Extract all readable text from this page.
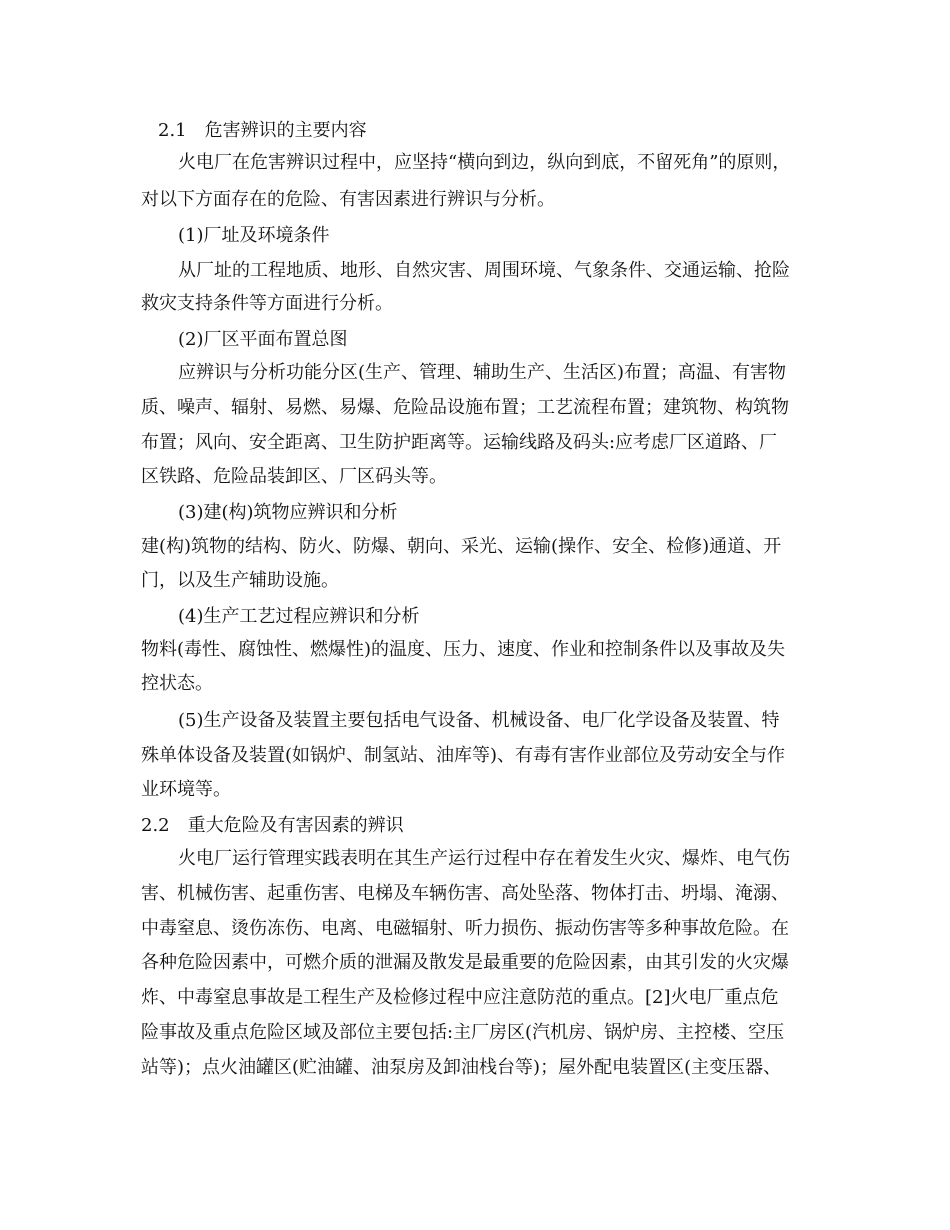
2.1　危害辨识的主要内容
火电厂在危害辨识过程中，应坚持“横向到边，纵向到底，不留死角”的原则，
对以下方面存在的危险、有害因素进行辨识与分析。
(1)厂址及环境条件
从厂址的工程地质、地形、自然灾害、周围环境、气象条件、交通运输、抢险
救灾支持条件等方面进行分析。
(2)厂区平面布置总图
应辨识与分析功能分区(生产、管理、辅助生产、生活区)布置；高温、有害物
质、噪声、辐射、易燃、易爆、危险品设施布置；工艺流程布置；建筑物、构筑物
布置；风向、安全距离、卫生防护距离等。运输线路及码头:应考虑厂区道路、厂
区铁路、危险品装卸区、厂区码头等。
(3)建(构)筑物应辨识和分析
建(构)筑物的结构、防火、防爆、朝向、采光、运输(操作、安全、检修)通道、开
门，以及生产辅助设施。
(4)生产工艺过程应辨识和分析
物料(毒性、腐蚀性、燃爆性)的温度、压力、速度、作业和控制条件以及事故及失
控状态。
(5)生产设备及装置主要包括电气设备、机械设备、电厂化学设备及装置、特
殊单体设备及装置(如锅炉、制氢站、油库等)、有毒有害作业部位及劳动安全与作
业环境等。
2.2　重大危险及有害因素的辨识
火电厂运行管理实践表明在其生产运行过程中存在着发生火灾、爆炸、电气伤
害、机械伤害、起重伤害、电梯及车辆伤害、高处坠落、物体打击、坍塌、淹溺、
中毒窒息、烫伤冻伤、电离、电磁辐射、听力损伤、振动伤害等多种事故危险。在
各种危险因素中，可燃介质的泄漏及散发是最重要的危险因素，由其引发的火灾爆
炸、中毒窒息事故是工程生产及检修过程中应注意防范的重点。[2]火电厂重点危
险事故及重点危险区域及部位主要包括:主厂房区(汽机房、锅炉房、主控楼、空压
站等)；点火油罐区(贮油罐、油泵房及卸油栈台等)；屋外配电装置区(主变压器、
